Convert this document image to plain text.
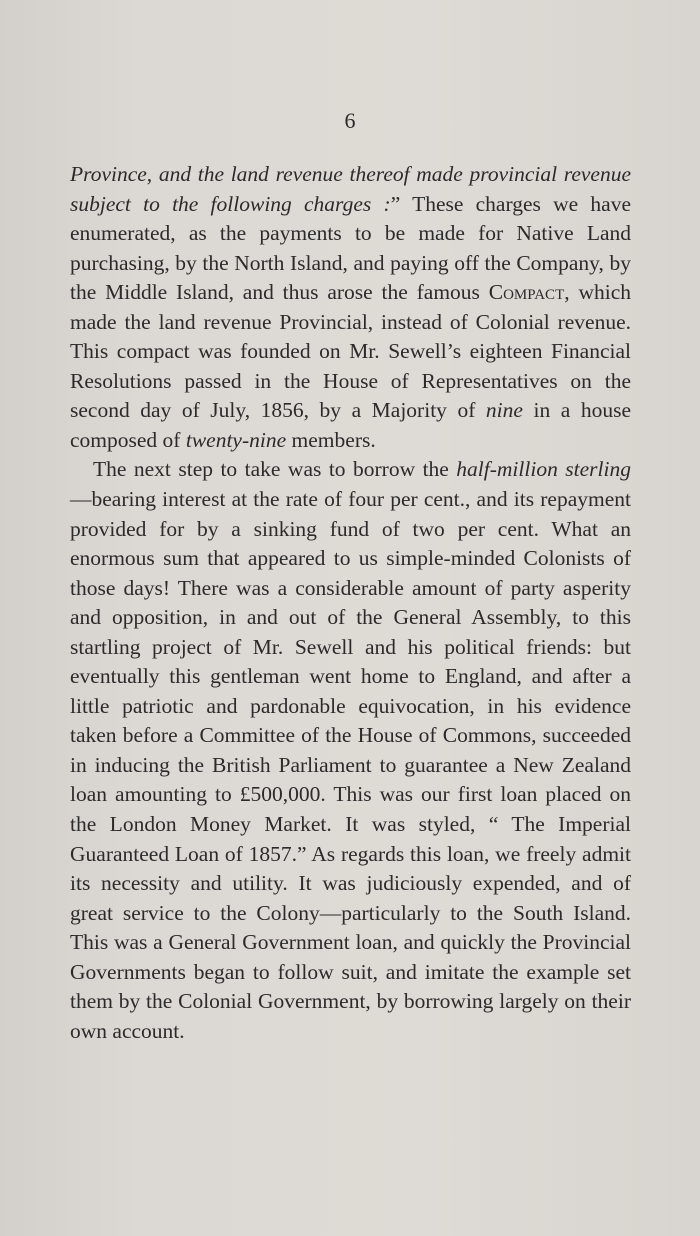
6

Province, and the land revenue thereof made provincial revenue subject to the following charges :” These charges we have enumerated, as the payments to be made for Native Land purchasing, by the North Island, and paying off the Company, by the Middle Island, and thus arose the famous Compact, which made the land revenue Provincial, instead of Colonial revenue. This compact was founded on Mr. Sewell’s eighteen Financial Resolutions passed in the House of Representatives on the second day of July, 1856, by a Majority of nine in a house composed of twenty-nine members.

The next step to take was to borrow the half-million sterling—bearing interest at the rate of four per cent., and its repayment provided for by a sinking fund of two per cent. What an enormous sum that appeared to us simple-minded Colonists of those days! There was a considerable amount of party asperity and opposition, in and out of the General Assembly, to this startling project of Mr. Sewell and his political friends: but eventually this gentleman went home to England, and after a little patriotic and pardonable equivocation, in his evidence taken before a Committee of the House of Commons, succeeded in inducing the British Parliament to guarantee a New Zealand loan amounting to £500,000. This was our first loan placed on the London Money Market. It was styled, “ The Imperial Guaranteed Loan of 1857.” As regards this loan, we freely admit its necessity and utility. It was judiciously expended, and of great service to the Colony—particularly to the South Island. This was a General Government loan, and quickly the Provincial Governments began to follow suit, and imitate the example set them by the Colonial Government, by borrowing largely on their own account.
